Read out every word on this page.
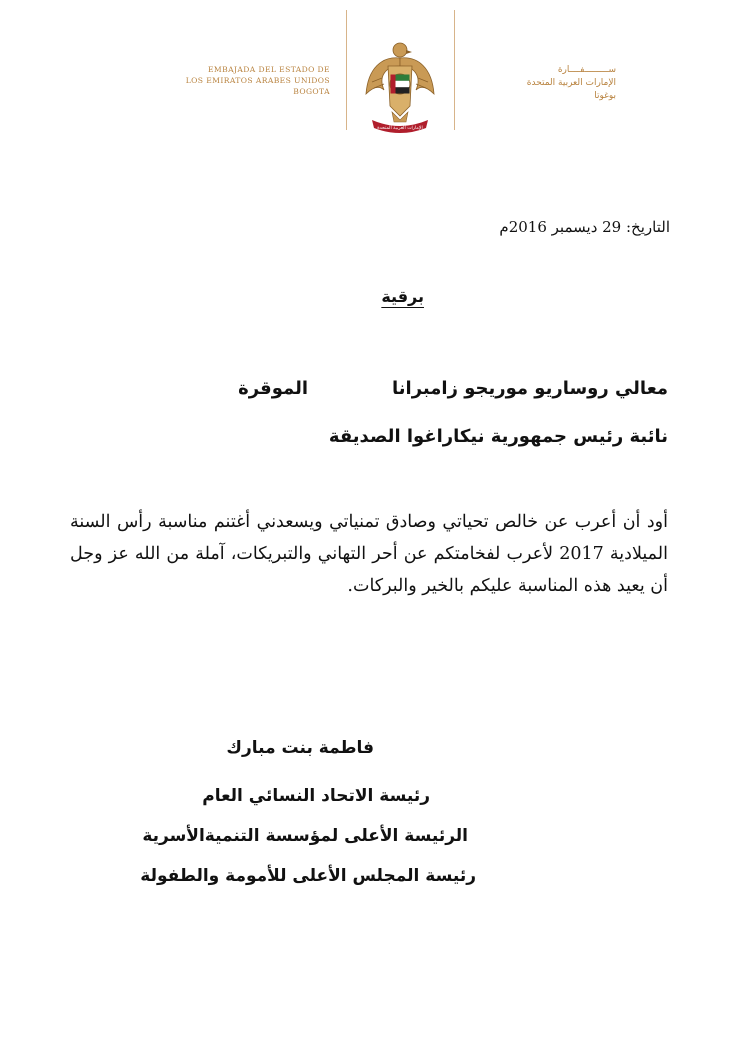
EMBAJADA DEL ESTADO DE
LOS EMIRATOS ARABES UNIDOS
BOGOTA
الإمارات العربية المتحدة
ســـــــــفــــارة
الإمارات العربية المتحدة
بوغوتا
التاريخ: 29 ديسمبر 2016م
برقية
معالي روساريو موريجو زامبرانا
الموقرة
نائبة رئيس جمهورية نيكاراغوا الصديقة
أود أن أعرب عن خالص تحياتي وصادق تمنياتي ويسعدني أغتنم مناسبة رأس السنة الميلادية 2017 لأعرب لفخامتكم عن أحر التهاني والتبريكات، آملة من الله عز وجل أن يعيد هذه المناسبة عليكم بالخير والبركات.
فاطمة بنت مبارك
رئيسة الاتحاد النسائي العام
الرئيسة الأعلى لمؤسسة التنميةالأسرية
رئيسة المجلس الأعلى للأمومة والطفولة
